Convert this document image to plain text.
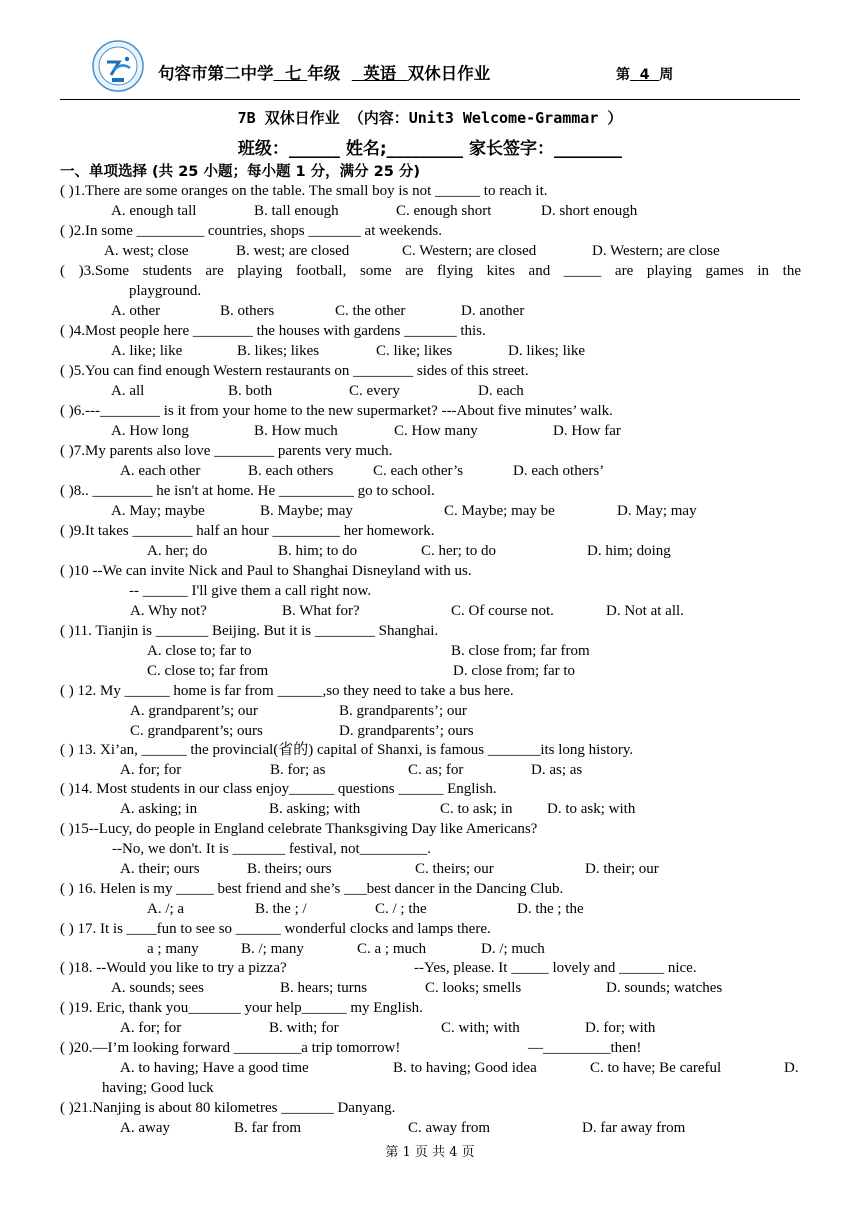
句容市第二中学 七 年级 英语 双休日作业	第 4 周
7B 双休日作业 （内容：Unit3 Welcome-Grammar ）
班级：______ 姓名;_________ 家长签字：________
一、单项选择 (共 25 小题；每小题 1 分，满分 25 分)
( )1.There are some oranges on the table. The small boy is not ______ to reach it.
A. enough tall	B. tall enough	C. enough short	D. short enough
( )2.In some _________ countries, shops _______ at weekends.
A. west; close	B. west; are closed	C. Western; are closed	D. Western; are close
( )3.Some students are playing football, some are flying kites and _____ are playing games in the
playground.
A. other	B. others	C. the other	D. another
( )4.Most people here ________ the houses with gardens _______ this.
A. like; like	B. likes; likes	C. like; likes	D. likes; like
( )5.You can find enough Western restaurants on ________ sides of this street.
A. all	B. both	C. every	D. each
( )6.---________ is it from your home to the new supermarket? ---About five minutes’ walk.
A. How long	B. How much	C. How many	D. How far
( )7.My parents also love ________ parents very much.
A. each other	B. each others	C. each other’s	D. each others’
( )8.. ________ he isn't at home. He __________ go to school.
A. May; maybe	B. Maybe; may	C. Maybe; may be	D. May; may
( )9.It takes ________ half an hour _________ her homework.
A. her; do	B. him; to do	C. her; to do	D. him; doing
( )10 --We can invite Nick and Paul to Shanghai Disneyland with us.
-- ______ I'll give them a call right now.
A. Why not?	B. What for?	C. Of course not.	D. Not at all.
( )11. Tianjin is _______ Beijing. But it is ________ Shanghai.
A. close to; far to	B. close from; far from
C. close to; far from	D. close from; far to
( ) 12. My ______ home is far from ______,so they need to take a bus here.
A. grandparent’s; our	B. grandparents’; our
C. grandparent’s; ours	D. grandparents’; ours
( ) 13. Xi’an, ______ the provincial(省的) capital of Shanxi, is famous _______its long history.
A. for; for	B. for; as	C. as; for	D. as; as
( )14. Most students in our class enjoy______ questions ______ English.
A. asking; in	B. asking; with	C. to ask; in D. to ask; with
( )15--Lucy, do people in England celebrate Thanksgiving Day like Americans?
--No, we don't. It is _______ festival, not_________.
A. their; ours	B. theirs; ours	C. theirs; our	D. their; our
( ) 16. Helen is my _____ best friend and she’s ___best dancer in the Dancing Club.
A. /; a	B. the ; /	C. / ; the	D. the ; the
( ) 17. It is ____fun to see so ______ wonderful clocks and lamps there.
a ; many	B. /; many	C. a ; much	D. /; much
( )18. --Would you like to try a pizza?	--Yes, please. It _____ lovely and ______ nice.
A. sounds; sees	B. hears; turns	C. looks; smells	D. sounds; watches
( )19. Eric, thank you_______ your help______ my English.
A. for; for	B. with; for	C. with; with	D. for; with
( )20.—I’m looking forward _________a trip tomorrow!	—_________then!
A. to having; Have a good time	B. to having; Good idea	C. to have; Be careful	D.
having; Good luck
( )21.Nanjing is about 80 kilometres _______ Danyang.
A. away	B. far from	C. away from	D. far away from
第 1 页 共 4 页
